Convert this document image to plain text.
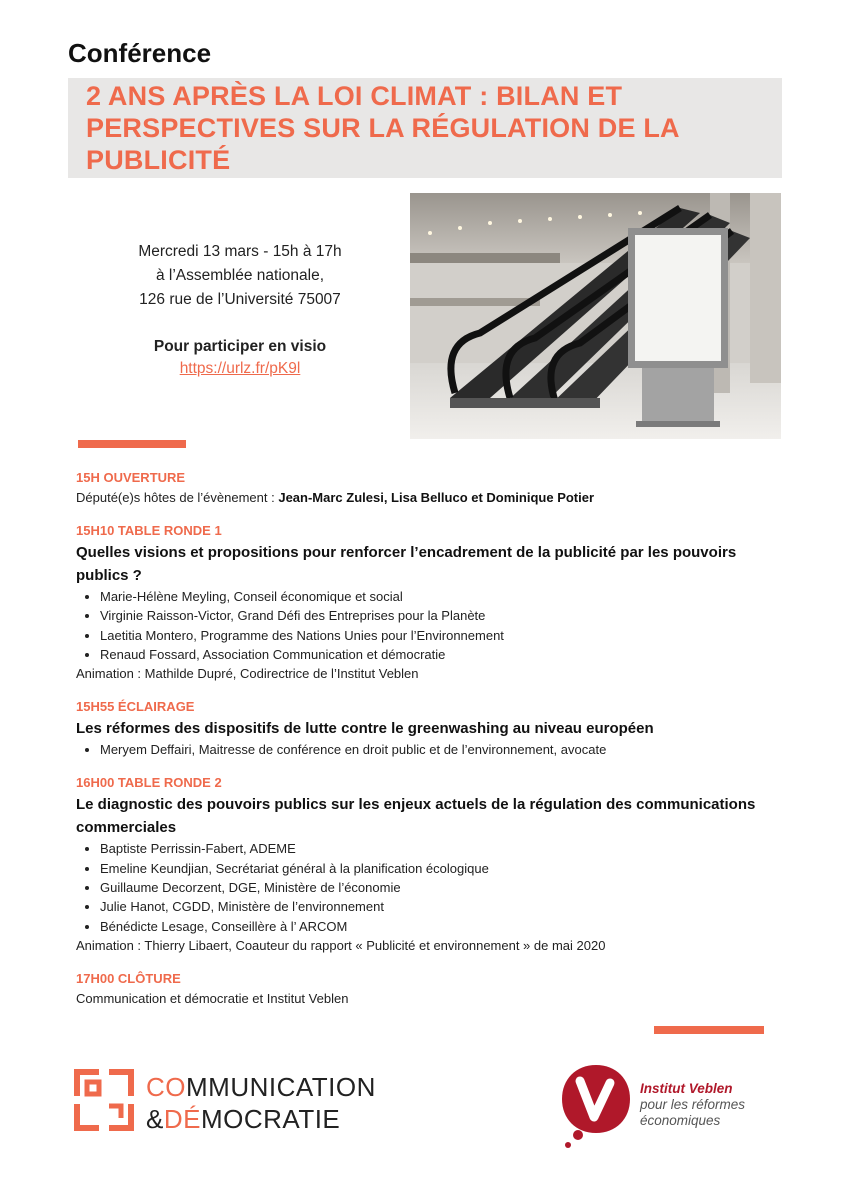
Conférence
2 ANS APRÈS LA LOI CLIMAT : BILAN ET PERSPECTIVES SUR LA RÉGULATION DE LA PUBLICITÉ
Mercredi 13 mars - 15h à 17h
à l’Assemblée nationale,
126 rue de l’Université 75007
Pour participer en visio
https://urlz.fr/pK9l
15H OUVERTURE
Député(e)s hôtes de l’évènement : Jean-Marc Zulesi, Lisa Belluco et Dominique Potier
15H10 TABLE RONDE 1
Quelles visions et propositions pour renforcer l’encadrement de la publicité par les pouvoirs publics ?
• Marie-Hélène Meyling, Conseil économique et social
• Virginie Raisson-Victor, Grand Défi des Entreprises pour la Planète
• Laetitia Montero, Programme des Nations Unies pour l’Environnement
• Renaud Fossard, Association Communication et démocratie
Animation : Mathilde Dupré, Codirectrice de l’Institut Veblen
15H55 ÉCLAIRAGE
Les réformes des dispositifs de lutte contre le greenwashing au niveau européen
• Meryem Deffairi, Maitresse de conférence en droit public et de l’environnement, avocate
16H00 TABLE RONDE 2
Le diagnostic des pouvoirs publics sur les enjeux actuels de la régulation des communications commerciales
• Baptiste Perrissin-Fabert, ADEME
• Emeline Keundjian, Secrétariat général à la planification écologique
• Guillaume Decorzent, DGE, Ministère de l’économie
• Julie Hanot, CGDD, Ministère de l’environnement
• Bénédicte Lesage, Conseillère à l’ ARCOM
Animation : Thierry Libaert, Coauteur du rapport « Publicité et environnement » de mai 2020
17H00 CLÔTURE
Communication et démocratie et Institut Veblen
COMMUNICATION
&DÉMOCRATIE
Institut Veblen
pour les réformes
économiques
